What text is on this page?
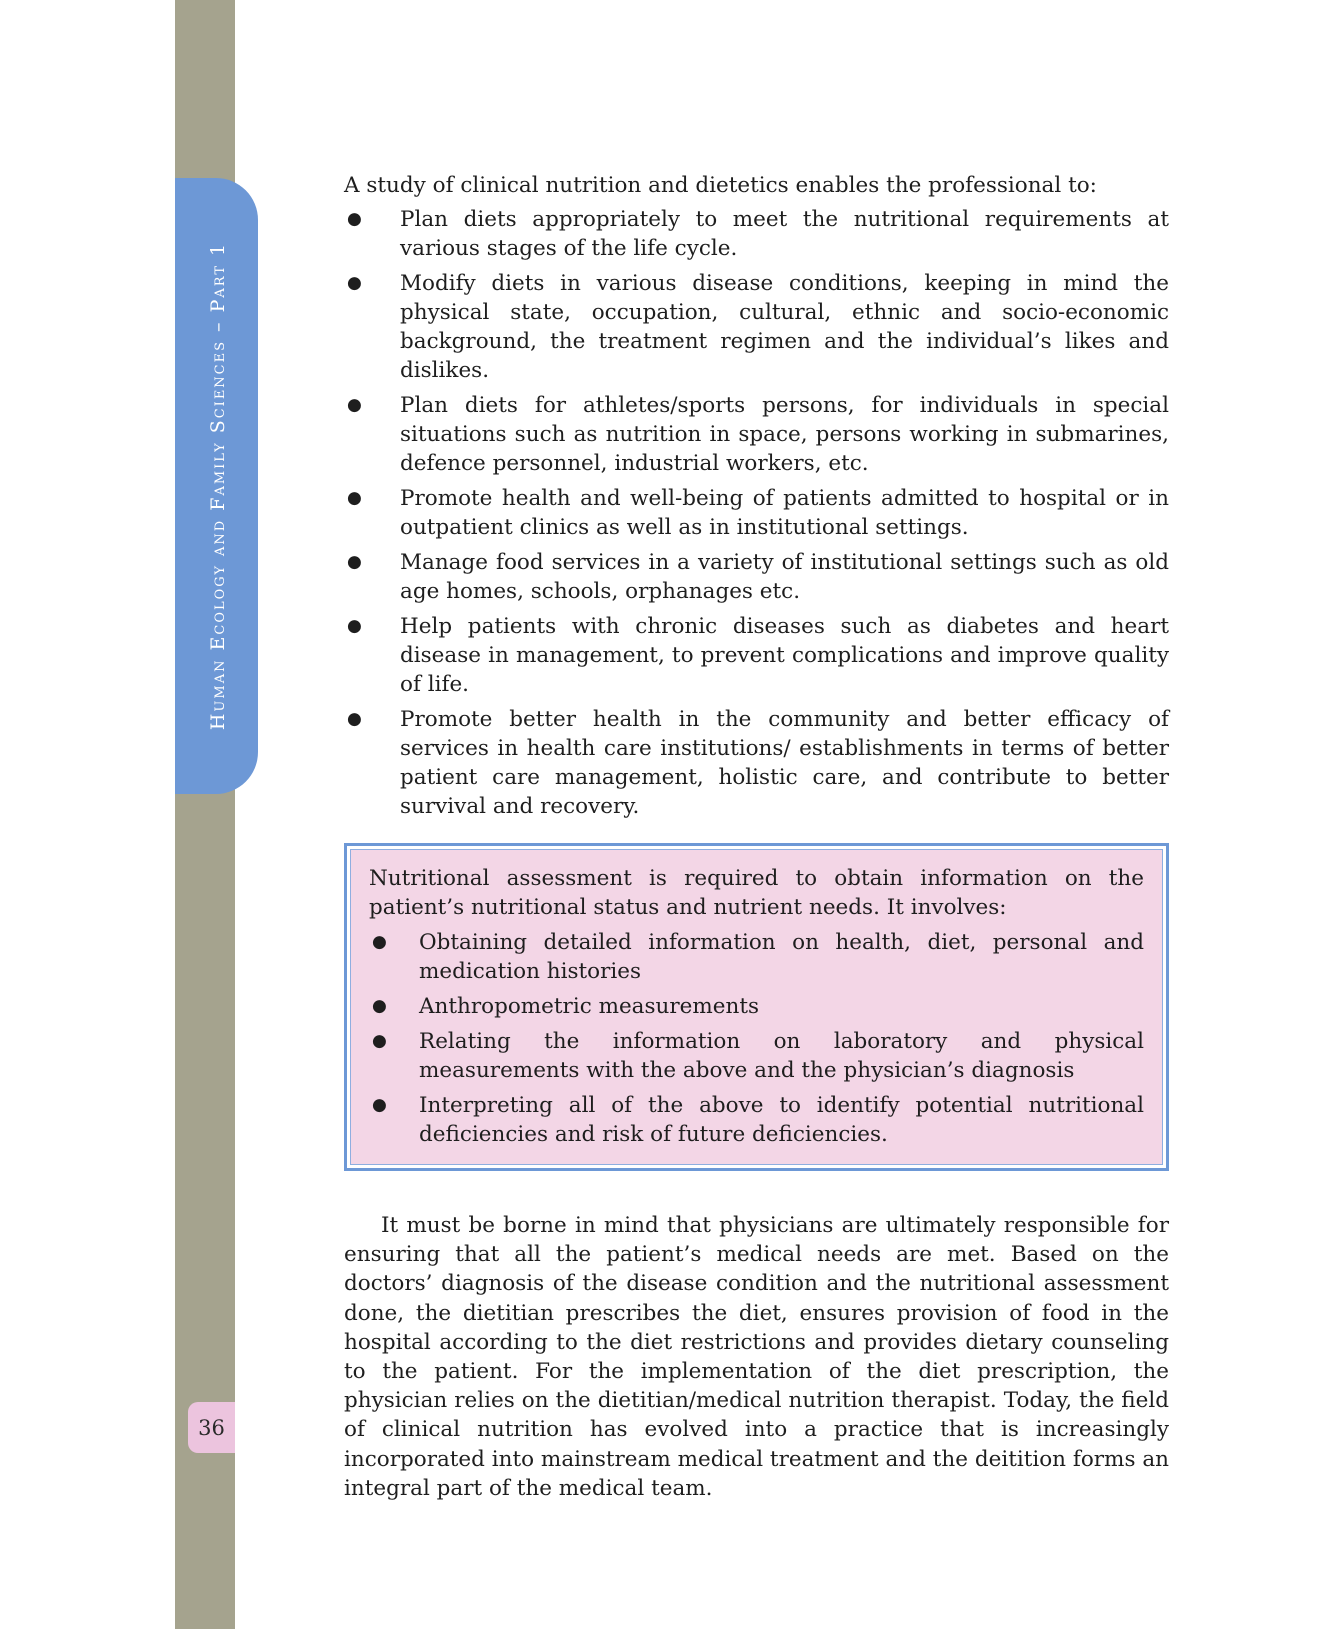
Human Ecology and Family Sciences – Part 1
36

A study of clinical nutrition and dietetics enables the professional to:

● Plan diets appropriately to meet the nutritional requirements at various stages of the life cycle.
● Modify diets in various disease conditions, keeping in mind the physical state, occupation, cultural, ethnic and socio-economic background, the treatment regimen and the individual’s likes and dislikes.
● Plan diets for athletes/sports persons, for individuals in special situations such as nutrition in space, persons working in submarines, defence personnel, industrial workers, etc.
● Promote health and well-being of patients admitted to hospital or in outpatient clinics as well as in institutional settings.
● Manage food services in a variety of institutional settings such as old age homes, schools, orphanages etc.
● Help patients with chronic diseases such as diabetes and heart disease in management, to prevent complications and improve quality of life.
● Promote better health in the community and better efficacy of services in health care institutions/ establishments in terms of better patient care management, holistic care, and contribute to better survival and recovery.

Nutritional assessment is required to obtain information on the patient’s nutritional status and nutrient needs. It involves:

● Obtaining detailed information on health, diet, personal and medication histories
● Anthropometric measurements
● Relating the information on laboratory and physical measurements with the above and the physician’s diagnosis
● Interpreting all of the above to identify potential nutritional deficiencies and risk of future deficiencies.

It must be borne in mind that physicians are ultimately responsible for ensuring that all the patient’s medical needs are met. Based on the doctors’ diagnosis of the disease condition and the nutritional assessment done, the dietitian prescribes the diet, ensures provision of food in the hospital according to the diet restrictions and provides dietary counseling to the patient. For the implementation of the diet prescription, the physician relies on the dietitian/medical nutrition therapist. Today, the field of clinical nutrition has evolved into a practice that is increasingly incorporated into mainstream medical treatment and the deitition forms an integral part of the medical team.
